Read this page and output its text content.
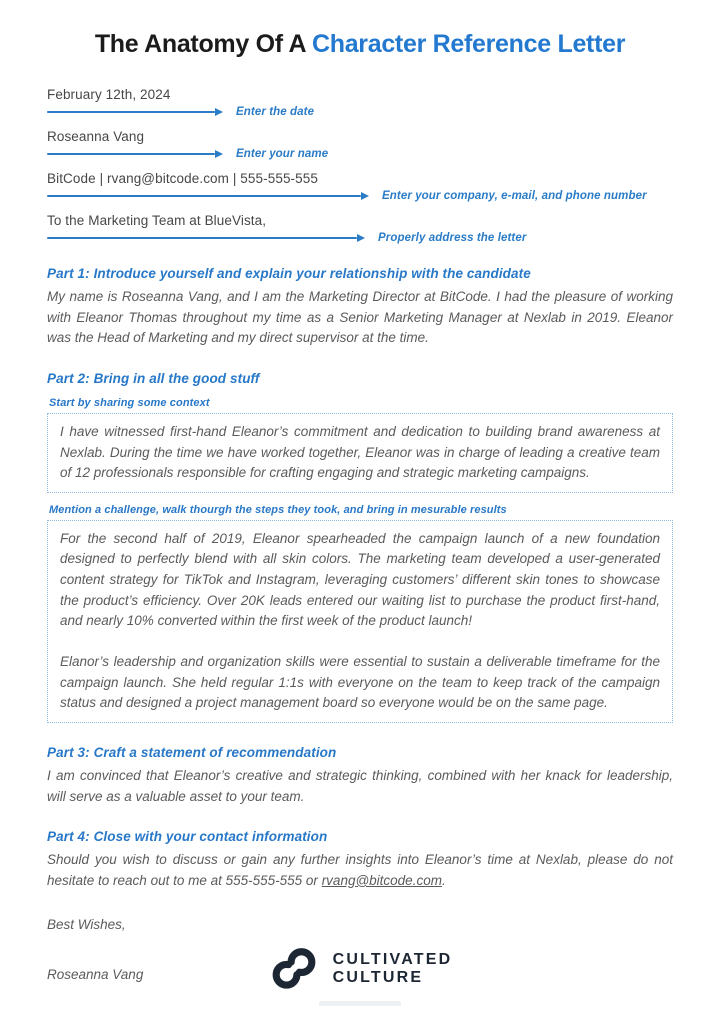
The Anatomy Of A Character Reference Letter
February 12th, 2024
Enter the date
Roseanna Vang
Enter your name
BitCode | rvang@bitcode.com | 555-555-555
Enter your company, e-mail, and phone number
To the Marketing Team at BlueVista,
Properly address the letter
Part 1: Introduce yourself and explain your relationship with the candidate

My name is Roseanna Vang, and I am the Marketing Director at BitCode. I had the pleasure of working with Eleanor Thomas throughout my time as a Senior Marketing Manager at Nexlab in 2019. Eleanor was the Head of Marketing and my direct supervisor at the time.

Part 2: Bring in all the good stuff
Start by sharing some context

I have witnessed first-hand Eleanor’s commitment and dedication to building brand awareness at Nexlab. During the time we have worked together, Eleanor was in charge of leading a creative team of 12 professionals responsible for crafting engaging and strategic marketing campaigns.

Mention a challenge, walk thourgh the steps they took, and bring in mesurable results

For the second half of 2019, Eleanor spearheaded the campaign launch of a new foundation designed to perfectly blend with all skin colors. The marketing team developed a user-generated content strategy for TikTok and Instagram, leveraging customers’ different skin tones to showcase the product’s efficiency. Over 20K leads entered our waiting list to purchase the product first-hand, and nearly 10% converted within the first week of the product launch!

Elanor’s leadership and organization skills were essential to sustain a deliverable timeframe for the campaign launch. She held regular 1:1s with everyone on the team to keep track of the campaign status and designed a project management board so everyone would be on the same page.

Part 3: Craft a statement of recommendation

I am convinced that Eleanor’s creative and strategic thinking, combined with her knack for leadership, will serve as a valuable asset to your team.

Part 4: Close with your contact information

Should you wish to discuss or gain any further insights into Eleanor’s time at Nexlab, please do not hesitate to reach out to me at 555-555-555 or rvang@bitcode.com.

Best Wishes,
Roseanna Vang
CULTIVATED
CULTURE
